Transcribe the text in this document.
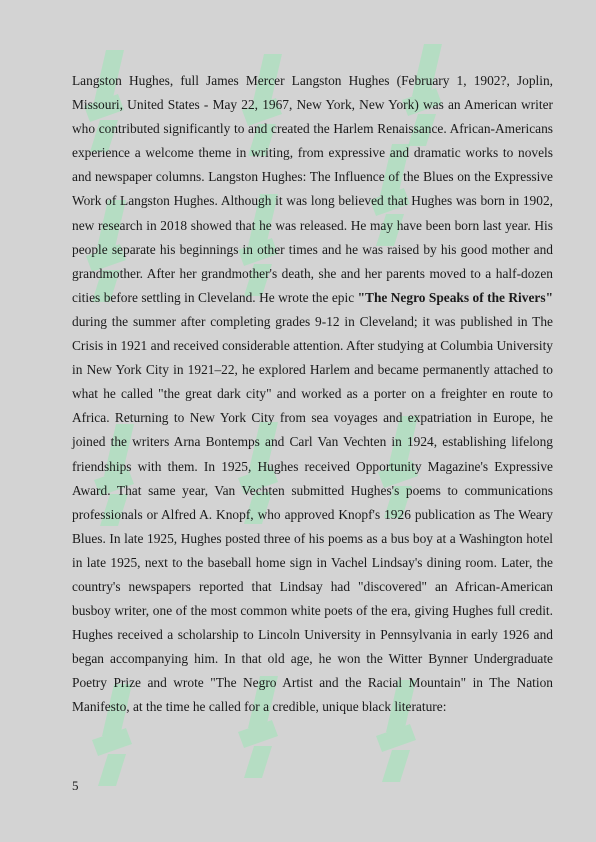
Langston Hughes, full James Mercer Langston Hughes (February 1, 1902?, Joplin, Missouri, United States - May 22, 1967, New York, New York) was an American writer who contributed significantly to and created the Harlem Renaissance. African-Americans experience a welcome theme in writing, from expressive and dramatic works to novels and newspaper columns. Langston Hughes: The Influence of the Blues on the Expressive Work of Langston Hughes. Although it was long believed that Hughes was born in 1902, new research in 2018 showed that he was released. He may have been born last year. His people separate his beginnings in other times and he was raised by his good mother and grandmother. After her grandmother's death, she and her parents moved to a half-dozen cities before settling in Cleveland. He wrote the epic "The Negro Speaks of the Rivers" during the summer after completing grades 9-12 in Cleveland; it was published in The Crisis in 1921 and received considerable attention. After studying at Columbia University in New York City in 1921–22, he explored Harlem and became permanently attached to what he called "the great dark city" and worked as a porter on a freighter en route to Africa. Returning to New York City from sea voyages and expatriation in Europe, he joined the writers Arna Bontemps and Carl Van Vechten in 1924, establishing lifelong friendships with them. In 1925, Hughes received Opportunity Magazine's Expressive Award. That same year, Van Vechten submitted Hughes's poems to communications professionals or Alfred A. Knopf, who approved Knopf's 1926 publication as The Weary Blues. In late 1925, Hughes posted three of his poems as a bus boy at a Washington hotel in late 1925, next to the baseball home sign in Vachel Lindsay's dining room. Later, the country's newspapers reported that Lindsay had "discovered" an African-American busboy writer, one of the most common white poets of the era, giving Hughes full credit. Hughes received a scholarship to Lincoln University in Pennsylvania in early 1926 and began accompanying him. In that old age, he won the Witter Bynner Undergraduate Poetry Prize and wrote "The Negro Artist and the Racial Mountain" in The Nation Manifesto, at the time he called for a credible, unique black literature:

5
